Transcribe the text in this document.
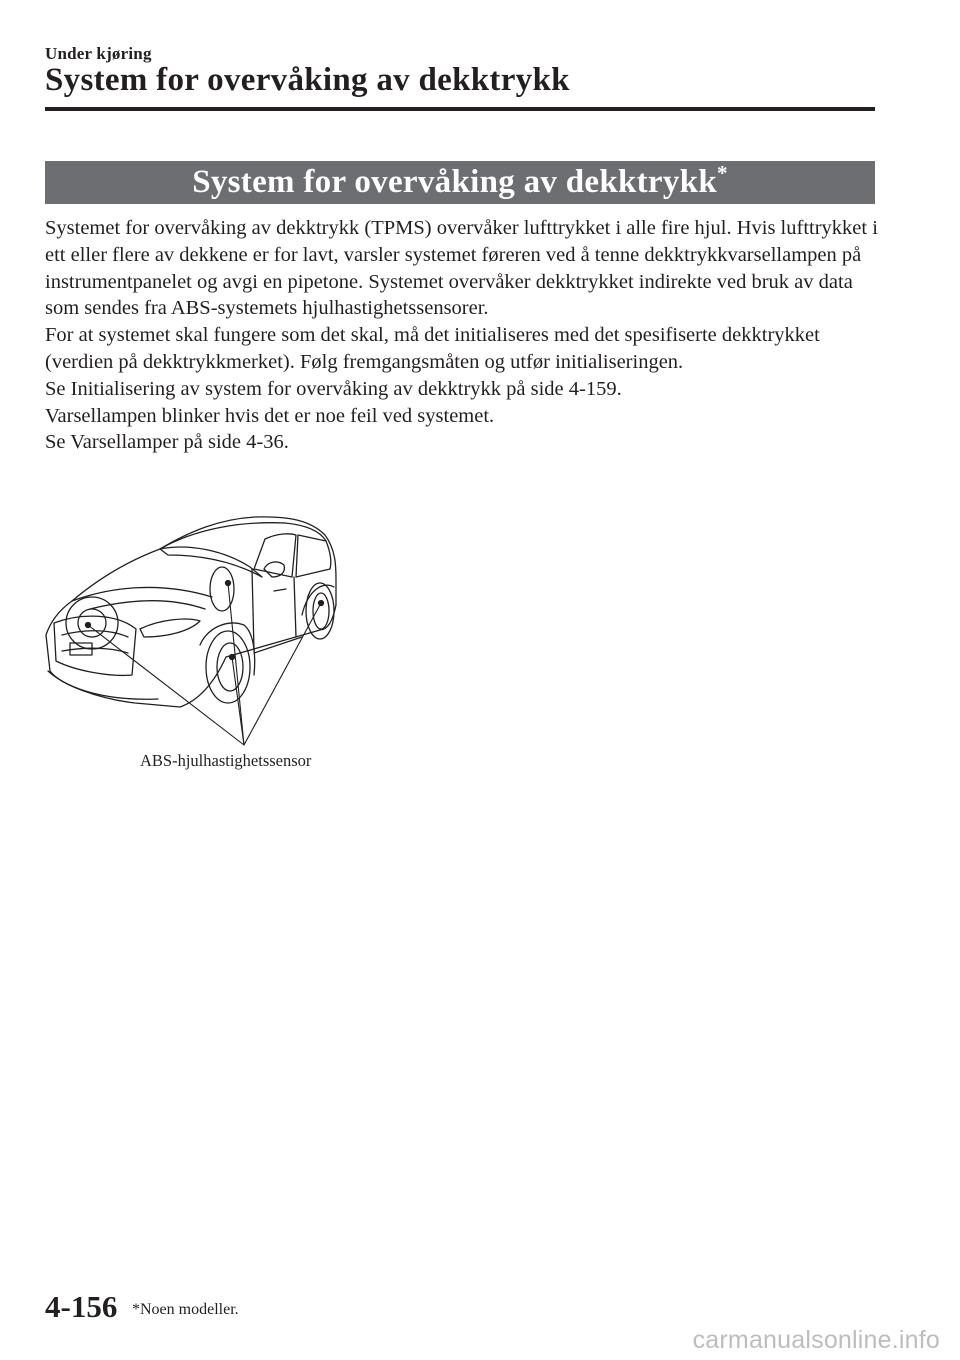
Under kjøring
System for overvåking av dekktrykk
System for overvåking av dekktrykk*

Systemet for overvåking av dekktrykk (TPMS) overvåker lufttrykket i alle fire hjul. Hvis lufttrykket i ett eller flere av dekkene er for lavt, varsler systemet føreren ved å tenne dekktrykkvarsellampen på instrumentpanelet og avgi en pipetone. Systemet overvåker dekktrykket indirekte ved bruk av data som sendes fra ABS-systemets hjulhastighetssensorer.

For at systemet skal fungere som det skal, må det initialiseres med det spesifiserte dekktrykket (verdien på dekktrykkmerket). Følg fremgangsmåten og utfør initialiseringen.

Se Initialisering av system for overvåking av dekktrykk på side 4-159.

Varsellampen blinker hvis det er noe feil ved systemet.

Se Varsellamper på side 4-36.

ABS-hjulhastighetssensor
4-156 *Noen modeller.
carmanualsonline.info
